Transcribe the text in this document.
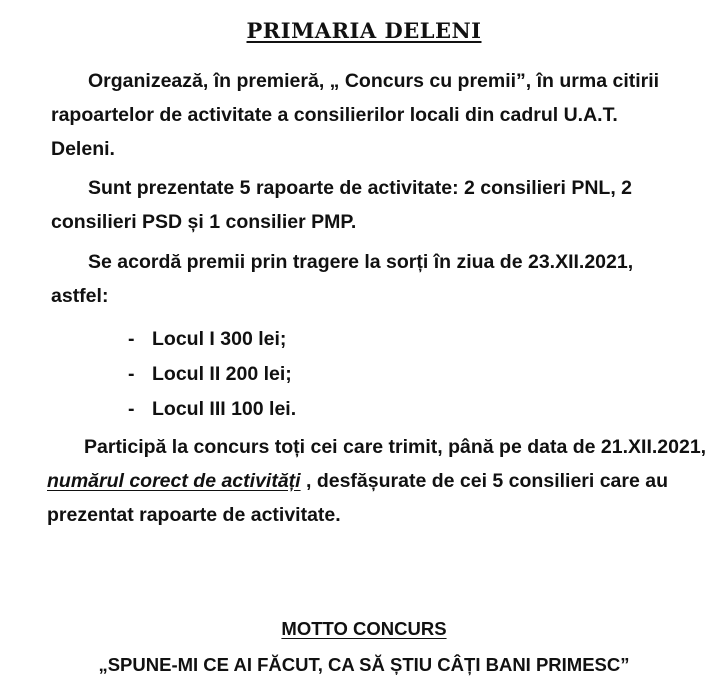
PRIMARIA DELENI

Organizează, în premieră, „ Concurs cu premii”, în urma citirii rapoartelor de activitate a consilierilor locali din cadrul U.A.T. Deleni.

Sunt prezentate 5 rapoarte de activitate: 2 consilieri PNL, 2 consilieri PSD și 1 consilier PMP.

Se acordă premii prin tragere la sorți în ziua de 23.XII.2021, astfel:

- Locul I 300 lei;
- Locul II 200 lei;
- Locul III 100 lei.

Participă la concurs toți cei care trimit, până pe data de 21.XII.2021, numărul corect de activități , desfășurate de cei 5 consilieri care au prezentat rapoarte de activitate.

MOTTO CONCURS
„SPUNE-MI CE AI FĂCUT, CA SĂ ȘTIU CÂȚI BANI PRIMESC”
